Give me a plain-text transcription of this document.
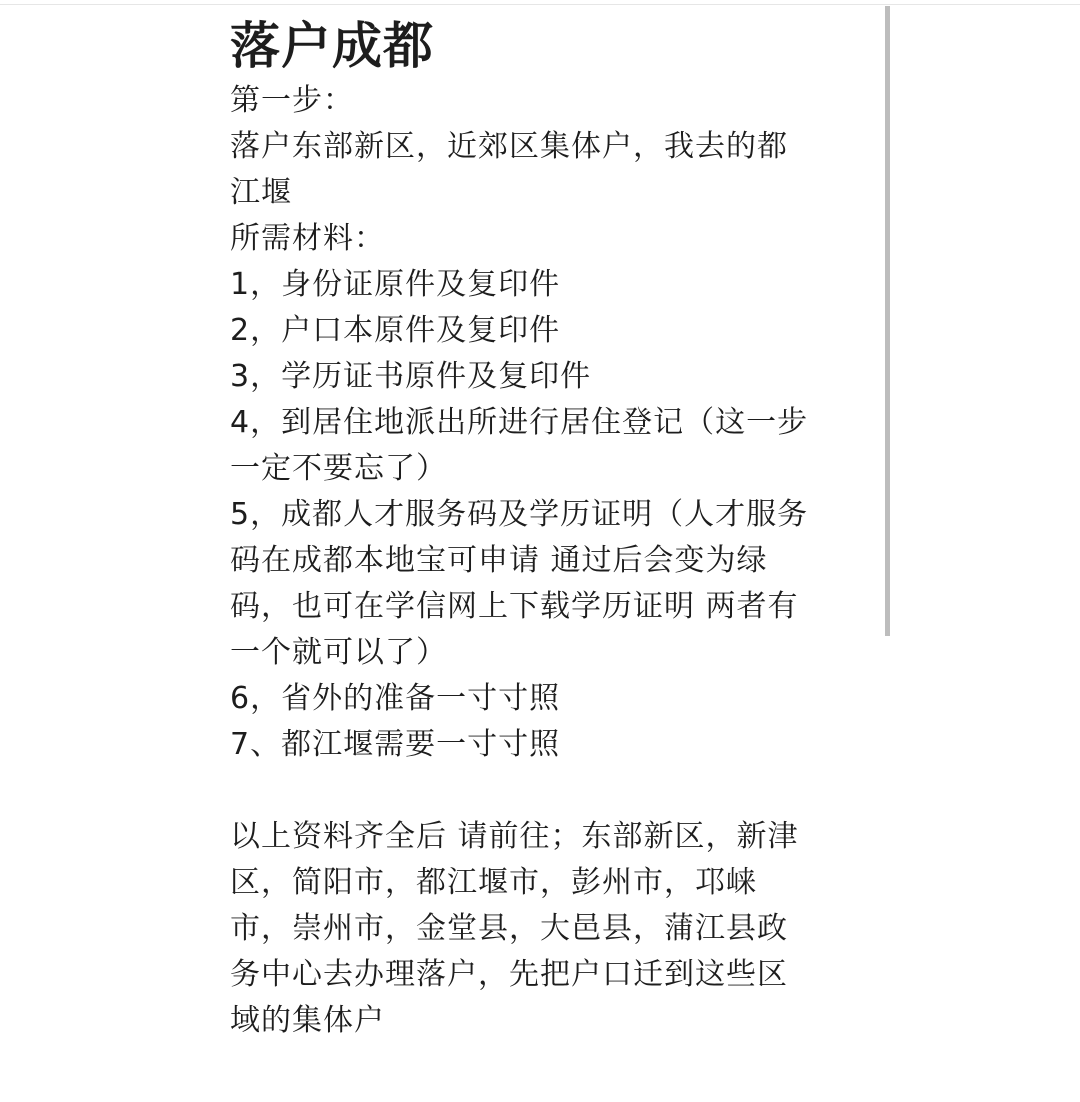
落户成都
第一步：
落户东部新区，近郊区集体户，我去的都
江堰
所需材料：
1，身份证原件及复印件
2，户口本原件及复印件
3，学历证书原件及复印件
4，到居住地派出所进行居住登记（这一步
一定不要忘了）
5，成都人才服务码及学历证明（人才服务
码在成都本地宝可申请 通过后会变为绿
码，也可在学信网上下载学历证明 两者有
一个就可以了）
6，省外的准备一寸寸照
7、都江堰需要一寸寸照
以上资料齐全后 请前往；东部新区，新津
区，简阳市，都江堰市，彭州市，邛崃
市，崇州市，金堂县，大邑县，蒲江县政
务中心去办理落户，先把户口迁到这些区
域的集体户
